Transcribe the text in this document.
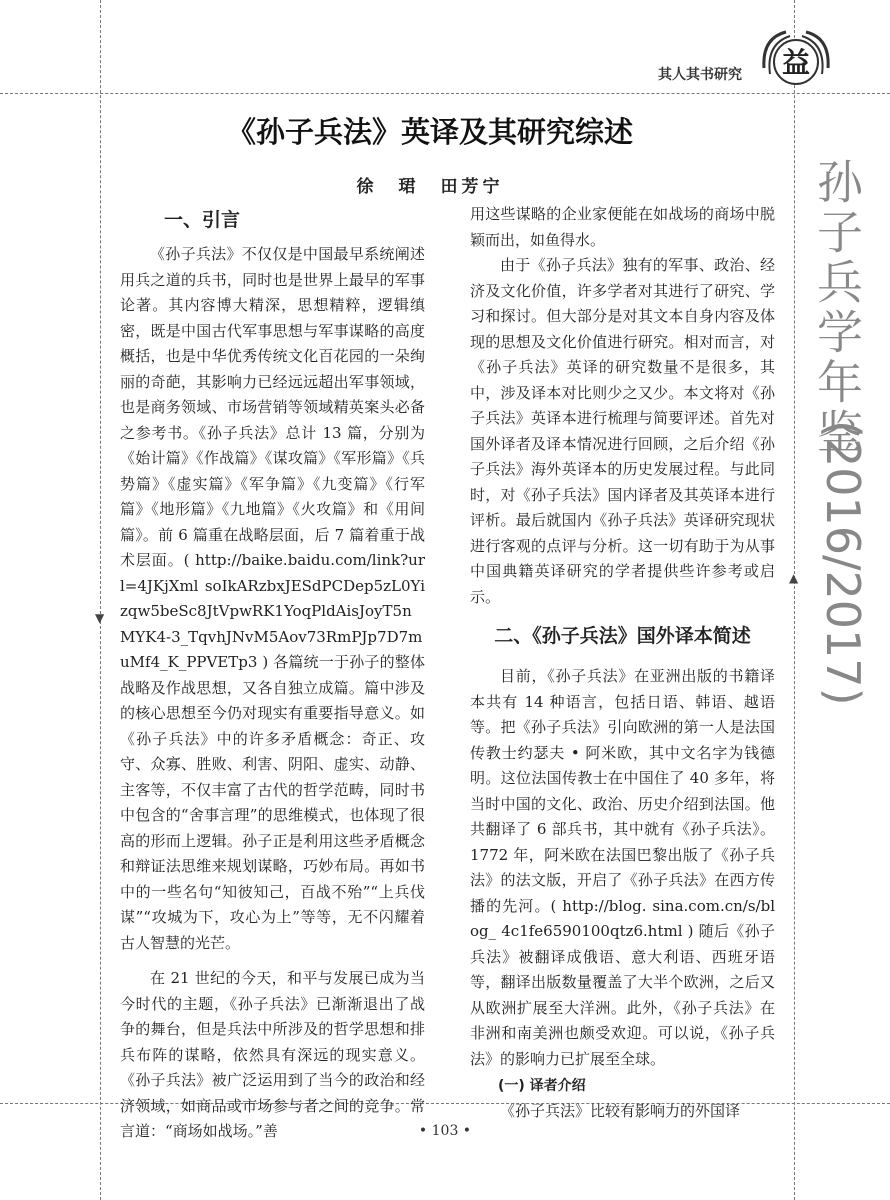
▼
▲
其人其书研究 益
《孙子兵法》英译及其研究综述
徐　珺　田芳宁	孙子兵学年鉴
(2016/2017)
一、引言

《孙子兵法》不仅仅是中国最早系统阐述用兵之道的兵书，同时也是世界上最早的军事论著。其内容博大精深，思想精粹，逻辑缜密，既是中国古代军事思想与军事谋略的高度概括，也是中华优秀传统文化百花园的一朵绚丽的奇葩，其影响力已经远远超出军事领域，也是商务领域、市场营销等领域精英案头必备之参考书。《孙子兵法》总计 13 篇，分别为《始计篇》《作战篇》《谋攻篇》《军形篇》《兵势篇》《虚实篇》《军争篇》《九变篇》《行军篇》《地形篇》《九地篇》《火攻篇》和《用间篇》。前 6 篇重在战略层面，后 7 篇着重于战术层面。( http://baike.baidu.com/link?url=4JKjXml soIkARzbxJESdPCDep5zL0Yizqw5beSc8JtVpwRK1YoqPldAisJoyT5nMYK4-3_TqvhJNvM5Aov73RmPJp7D7muMf4_K_PPVETp3 ) 各篇统一于孙子的整体战略及作战思想，又各自独立成篇。篇中涉及的核心思想至今仍对现实有重要指导意义。如《孙子兵法》中的许多矛盾概念：奇正、攻守、众寡、胜败、利害、阴阳、虚实、动静、主客等，不仅丰富了古代的哲学范畴，同时书中包含的“舍事言理”的思维模式，也体现了很高的形而上逻辑。孙子正是利用这些矛盾概念和辩证法思维来规划谋略，巧妙布局。再如书中的一些名句“知彼知己，百战不殆”“上兵伐谋”“攻城为下，攻心为上”等等，无不闪耀着古人智慧的光芒。

在 21 世纪的今天，和平与发展已成为当今时代的主题，《孙子兵法》已渐渐退出了战争的舞台，但是兵法中所涉及的哲学思想和排兵布阵的谋略，依然具有深远的现实意义。《孙子兵法》被广泛运用到了当今的政治和经济领域，如商品或市场参与者之间的竞争。常言道：“商场如战场。”善

用这些谋略的企业家便能在如战场的商场中脱颖而出，如鱼得水。

由于《孙子兵法》独有的军事、政治、经济及文化价值，许多学者对其进行了研究、学习和探讨。但大部分是对其文本自身内容及体现的思想及文化价值进行研究。相对而言，对《孙子兵法》英译的研究数量不是很多，其中，涉及译本对比则少之又少。本文将对《孙子兵法》英译本进行梳理与简要评述。首先对国外译者及译本情况进行回顾，之后介绍《孙子兵法》海外英译本的历史发展过程。与此同时，对《孙子兵法》国内译者及其英译本进行评析。最后就国内《孙子兵法》英译研究现状进行客观的点评与分析。这一切有助于为从事中国典籍英译研究的学者提供些许参考或启示。

二、《孙子兵法》国外译本简述

目前，《孙子兵法》在亚洲出版的书籍译本共有 14 种语言，包括日语、韩语、越语等。把《孙子兵法》引向欧洲的第一人是法国传教士约瑟夫 • 阿米欧，其中文名字为钱德明。这位法国传教士在中国住了 40 多年，将当时中国的文化、政治、历史介绍到法国。他共翻译了 6 部兵书，其中就有《孙子兵法》。1772 年，阿米欧在法国巴黎出版了《孙子兵法》的法文版，开启了《孙子兵法》在西方传播的先河。( http://blog. sina.com.cn/s/blog_ 4c1fe6590100qtz6.html ) 随后《孙子兵法》被翻译成俄语、意大利语、西班牙语等，翻译出版数量覆盖了大半个欧洲，之后又从欧洲扩展至大洋洲。此外，《孙子兵法》在非洲和南美洲也颇受欢迎。可以说，《孙子兵法》的影响力已扩展至全球。

(一) 译者介绍

《孙子兵法》比较有影响力的外国译

• 103 •
